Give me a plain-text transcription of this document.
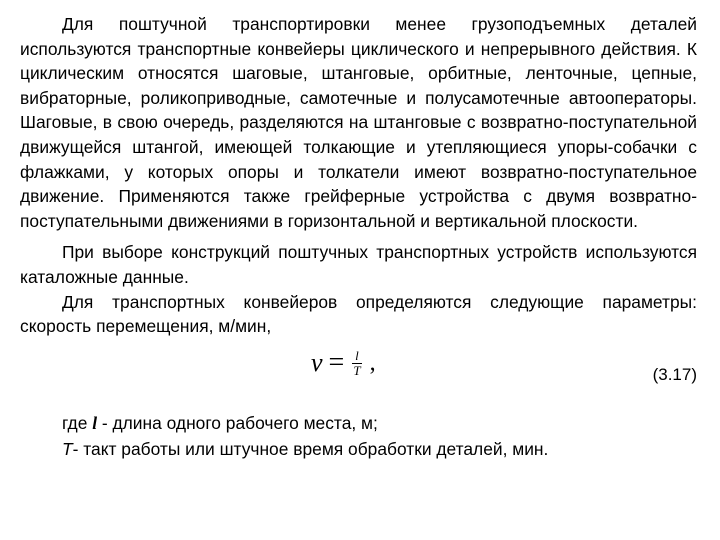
Для поштучной транспортировки менее грузоподъемных деталей используются транспортные конвейеры циклического и непрерывного действия. К циклическим относятся шаговые, штанговые, орбитные, ленточные, цепные, вибраторные, роликоприводные, самотечные и полусамотечные автооператоры. Шаговые, в свою очередь, разделяются на штанговые с возвратно-поступательной движущейся штангой, имеющей толкающие и утепляющиеся упоры-собачки с флажками, у которых опоры и толкатели имеют возвратно-поступательное движение. Применяются также грейферные устройства с двумя возвратно-поступательными движениями в горизонтальной и вертикальной плоскости.

При выборе конструкций поштучных транспортных устройств используются каталожные данные.

Для транспортных конвейеров определяются следующие параметры: скорость перемещения, м/мин,

$v = \frac{l}{T}$ ,	(3.17)

где l - длина одного рабочего места, м;

T- такт работы или штучное время обработки деталей, мин.
